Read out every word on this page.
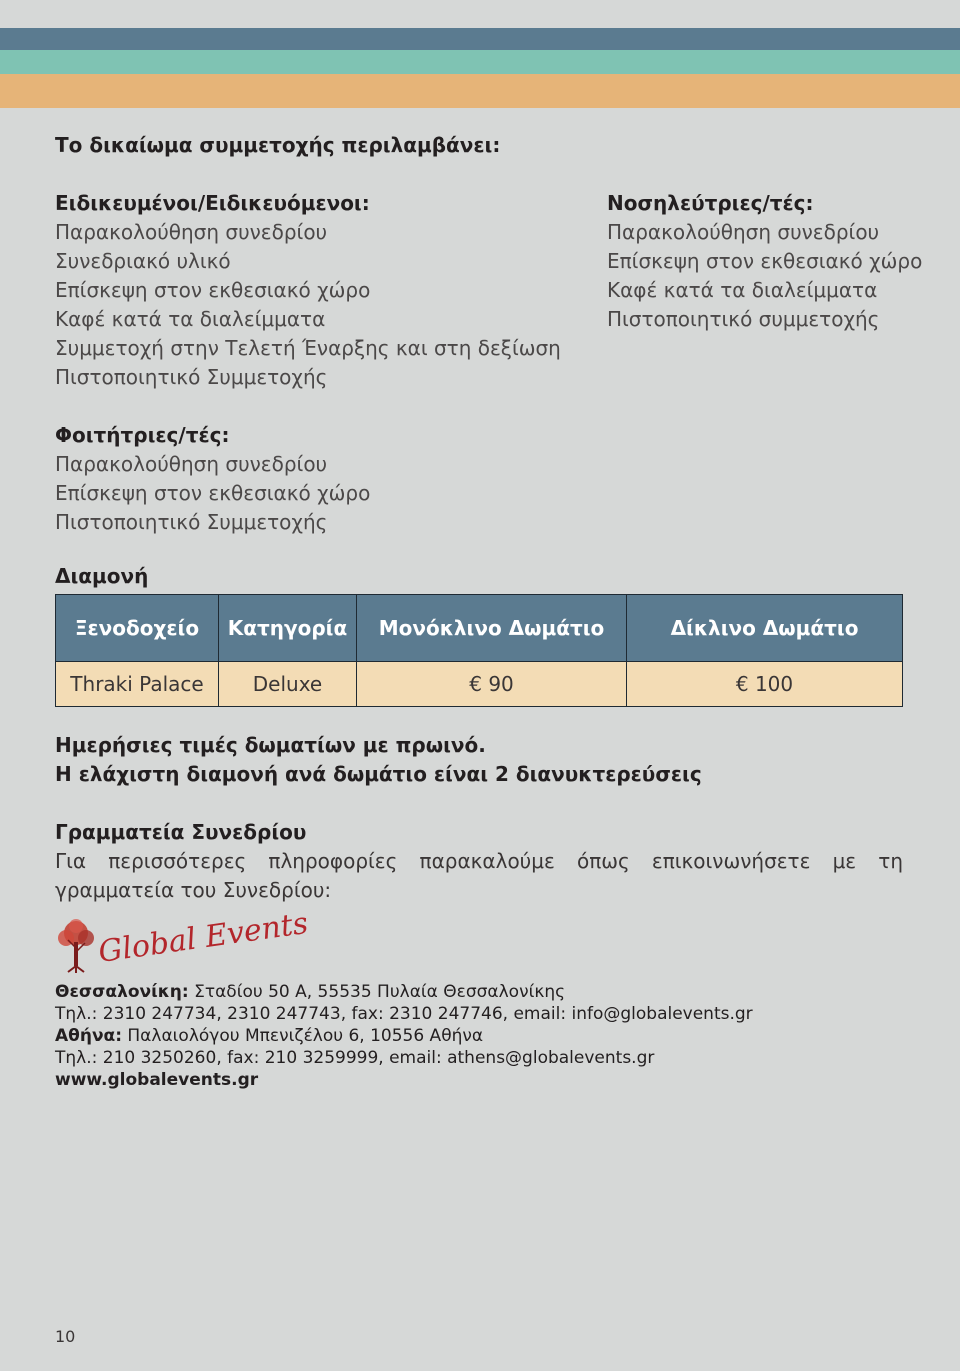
Το δικαίωμα συμμετοχής περιλαμβάνει:

Ειδικευμένοι/Ειδικευόμενοι:
Παρακολούθηση συνεδρίου
Συνεδριακό υλικό
Επίσκεψη στον εκθεσιακό χώρο
Καφέ κατά τα διαλείμματα
Συμμετοχή στην Τελετή Έναρξης και στη δεξίωση
Πιστοποιητικό Συμμετοχής
Νοσηλεύτριες/τές:
Παρακολούθηση συνεδρίου
Επίσκεψη στον εκθεσιακό χώρο
Καφέ κατά τα διαλείμματα
Πιστοποιητικό συμμετοχής
Φοιτήτριες/τές:
Παρακολούθηση συνεδρίου
Επίσκεψη στον εκθεσιακό χώρο
Πιστοποιητικό Συμμετοχής

Διαμονή

Ξενοδοχείο	Κατηγορία	Μονόκλινο Δωμάτιο	Δίκλινο Δωμάτιο
Thraki Palace	Deluxe	€ 90	€ 100

Ημερήσιες τιμές δωματίων με πρωινό.

Η ελάχιστη διαμονή ανά δωμάτιο είναι 2 διανυκτερεύσεις

Γραμματεία Συνεδρίου

Για περισσότερες πληροφορίες παρακαλούμε όπως επικοινωνήσετε με τη γραμματεία του Συνεδρίου:

Global Events
Θεσσαλονίκη: Σταδίου 50 Α, 55535 Πυλαία Θεσσαλονίκης
Τηλ.: 2310 247734, 2310 247743, fax: 2310 247746, email: info@globalevents.gr
Αθήνα: Παλαιολόγου Μπενιζέλου 6, 10556 Αθήνα
Τηλ.: 210 3250260, fax: 210 3259999, email: athens@globalevents.gr
www.globalevents.gr

10
